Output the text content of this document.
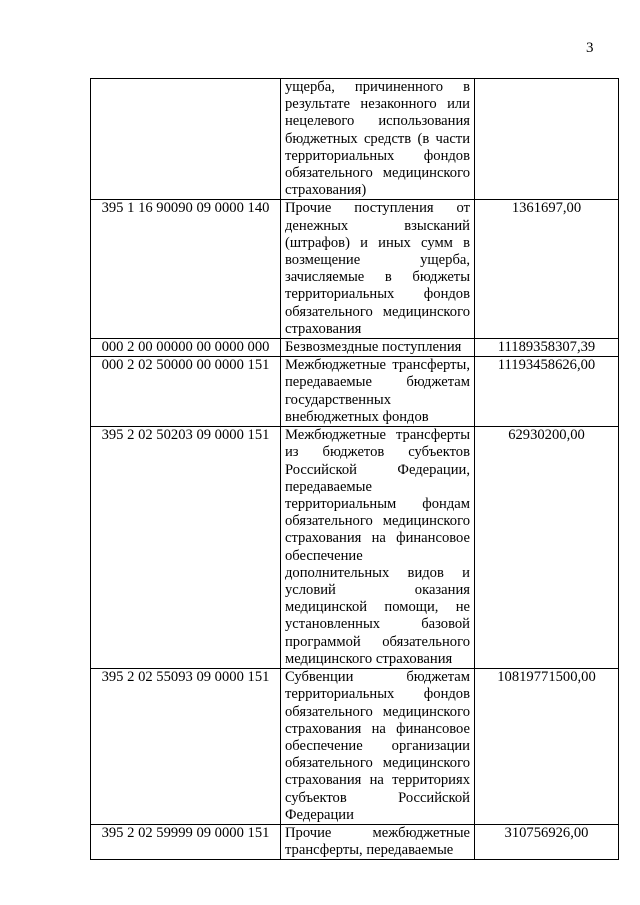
3
	ущерба, причиненного в результате незаконного или нецелевого использования бюджетных средств (в части территориальных фондов обязательного медицинского страхования)	
395 1 16 90090 09 0000 140	Прочие поступления от денежных взысканий (штрафов) и иных сумм в возмещение ущерба, зачисляемые в бюджеты территориальных фондов обязательного медицинского страхования	1361697,00
000 2 00 00000 00 0000 000	Безвозмездные поступления	11189358307,39
000 2 02 50000 00 0000 151	Межбюджетные трансферты, передаваемые бюджетам государственных внебюджетных фондов	11193458626,00
395 2 02 50203 09 0000 151	Межбюджетные трансферты из бюджетов субъектов Российской Федерации, передаваемые территориальным фондам обязательного медицинского страхования на финансовое обеспечение дополнительных видов и условий оказания медицинской помощи, не установленных базовой программой обязательного медицинского страхования	62930200,00
395 2 02 55093 09 0000 151	Субвенции бюджетам территориальных фондов обязательного медицинского страхования на финансовое обеспечение организации обязательного медицинского страхования на территориях субъектов Российской Федерации	10819771500,00
395 2 02 59999 09 0000 151	Прочие межбюджетные трансферты, передаваемые	310756926,00
